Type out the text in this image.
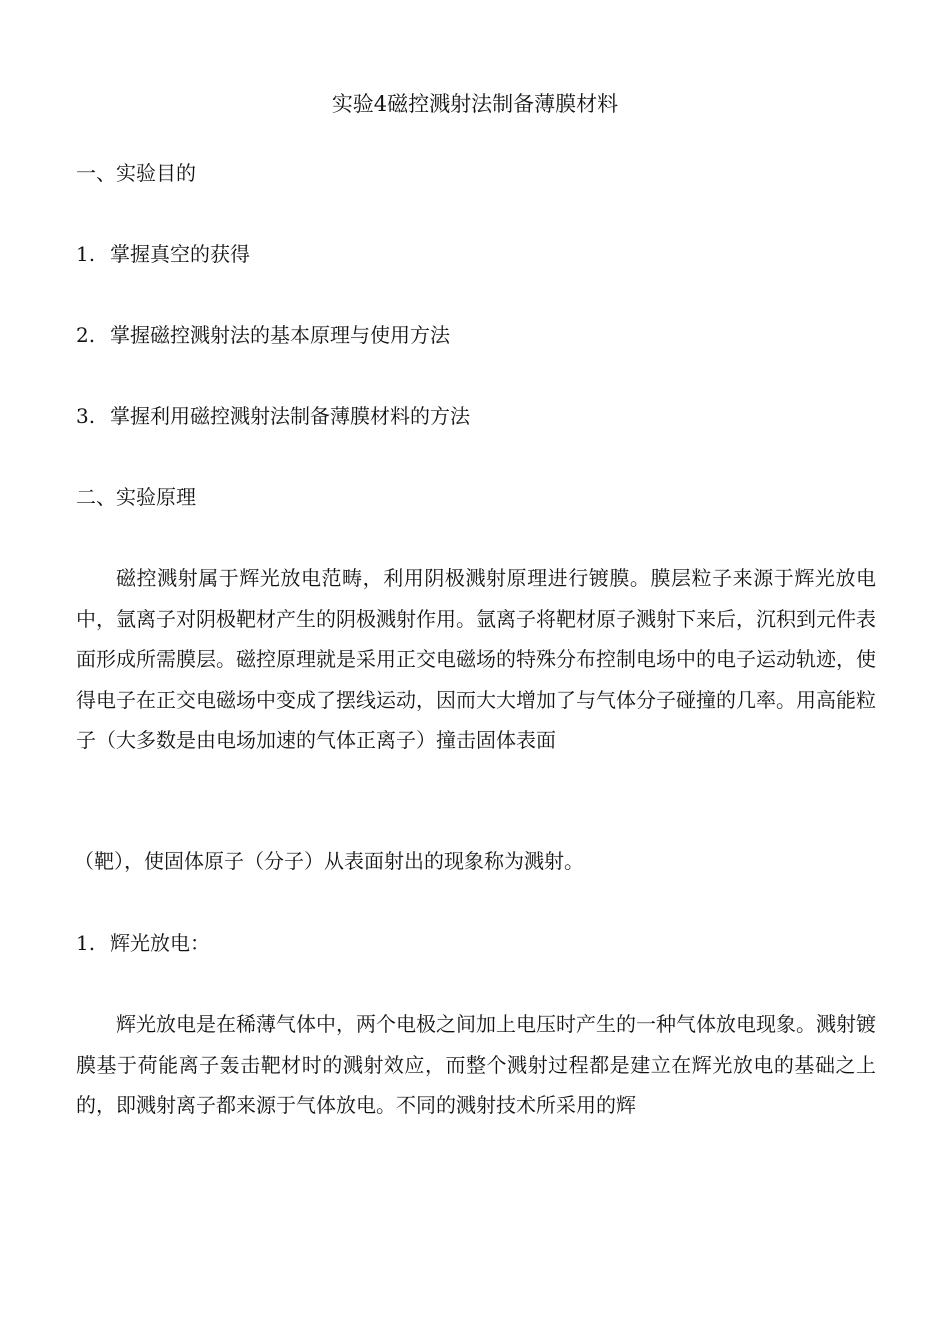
实验4磁控溅射法制备薄膜材料
一、实验目的
1. 掌握真空的获得
2. 掌握磁控溅射法的基本原理与使用方法
3. 掌握利用磁控溅射法制备薄膜材料的方法
二、实验原理
磁控溅射属于辉光放电范畴，利用阴极溅射原理进行镀膜。膜层粒子来源于辉光放电中，氩离子对阴极靶材产生的阴极溅射作用。氩离子将靶材原子溅射下来后，沉积到元件表面形成所需膜层。磁控原理就是采用正交电磁场的特殊分布控制电场中的电子运动轨迹，使得电子在正交电磁场中变成了摆线运动，因而大大增加了与气体分子碰撞的几率。用高能粒子（大多数是由电场加速的气体正离子）撞击固体表面
（靶），使固体原子（分子）从表面射出的现象称为溅射。
1. 辉光放电：
辉光放电是在稀薄气体中，两个电极之间加上电压时产生的一种气体放电现象。溅射镀膜基于荷能离子轰击靶材时的溅射效应，而整个溅射过程都是建立在辉光放电的基础之上的，即溅射离子都来源于气体放电。不同的溅射技术所采用的辉
